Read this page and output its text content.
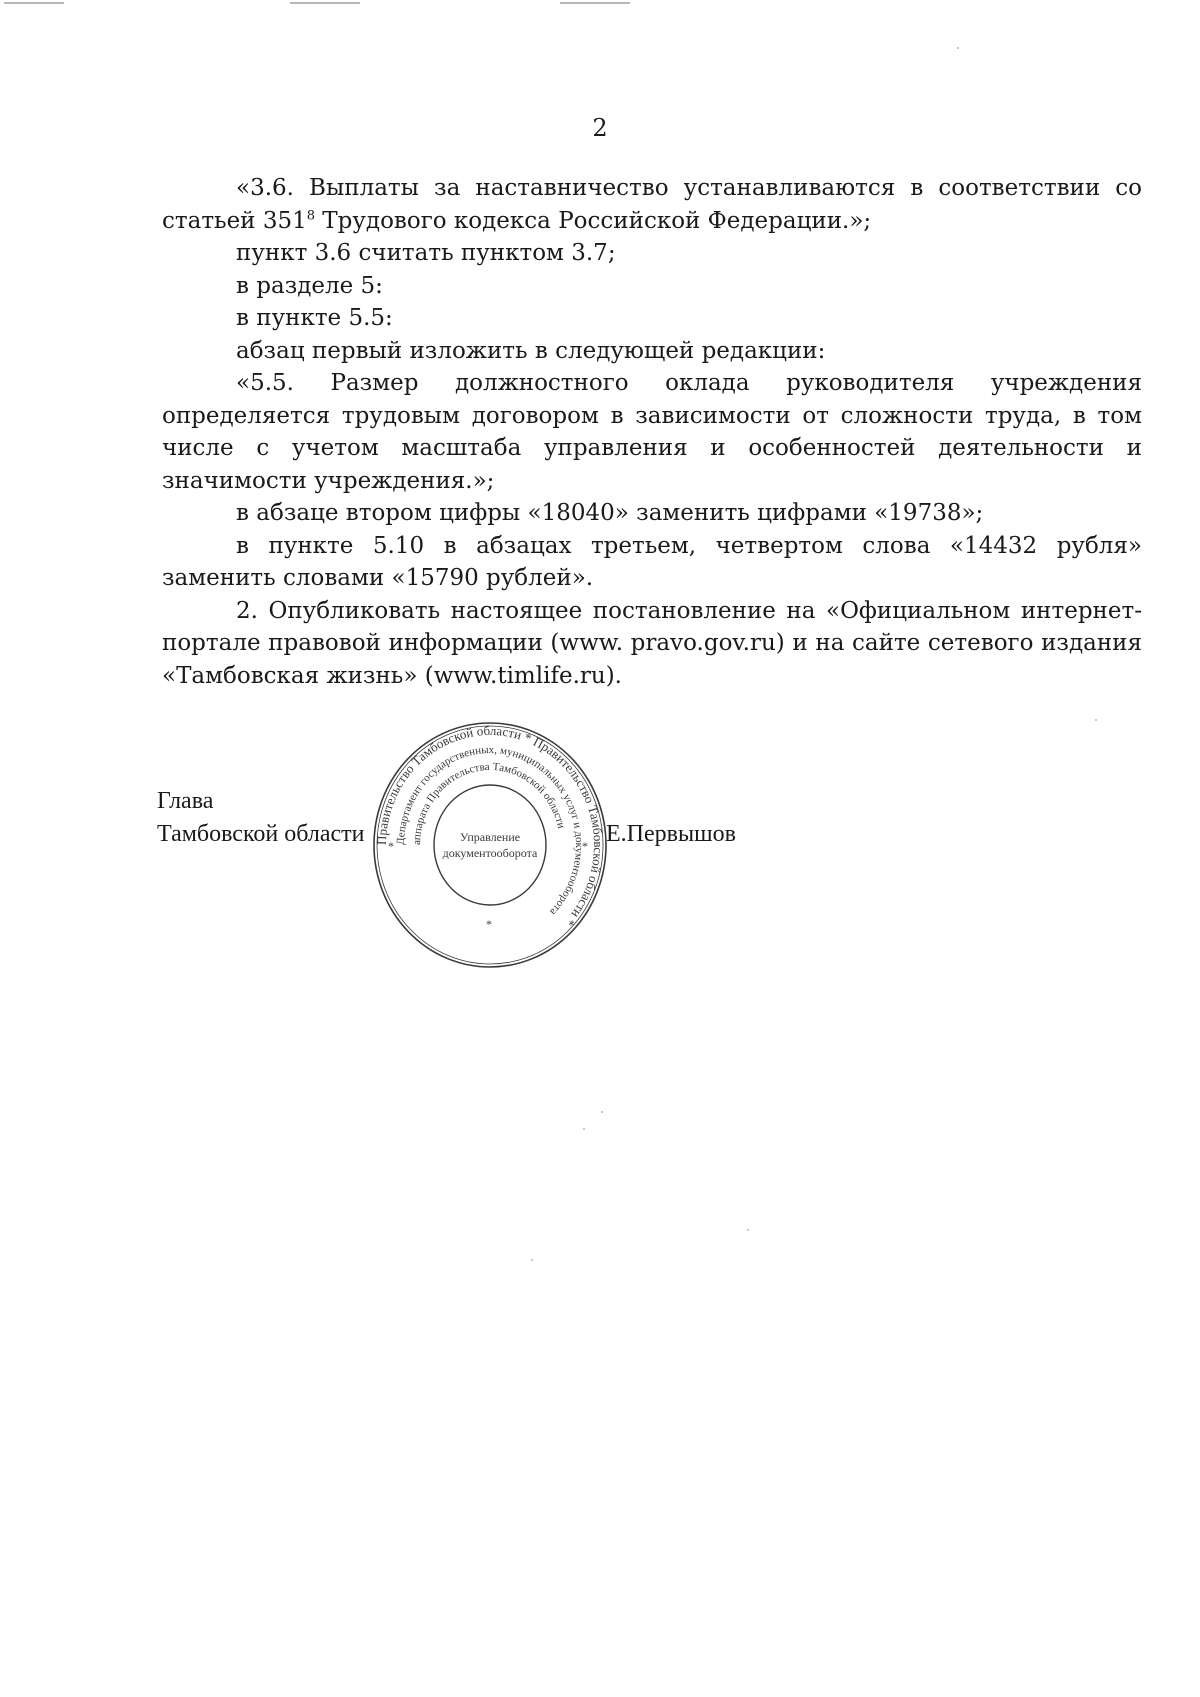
2

«3.6. Выплаты за наставничество устанавливаются в соответствии со статьей $351^8$ Трудового кодекса Российской Федерации.»;

пункт 3.6 считать пунктом 3.7;

в разделе 5:

в пункте 5.5:

абзац первый изложить в следующей редакции:

«5.5. Размер должностного оклада руководителя учреждения определяется трудовым договором в зависимости от сложности труда, в том числе с учетом масштаба управления и особенностей деятельности и значимости учреждения.»;

в абзаце втором цифры «18040» заменить цифрами «19738»;

в пункте 5.10 в абзацах третьем, четвертом слова «14432 рубля» заменить словами «15790 рублей».

2. Опубликовать настоящее постановление на «Официальном интернет-портале правовой информации (www. pravo.gov.ru) и на сайте сетевого издания «Тамбовская жизнь» (www.timlife.ru).

Глава
Тамбовской области	Е.Первышов
Правительство Тамбовской области * Правительство Тамбовской области *
Департамент государственных, муниципальных услуг и документооборота
аппарата Правительства Тамбовской области
Управление
документооборота
*	*
*
